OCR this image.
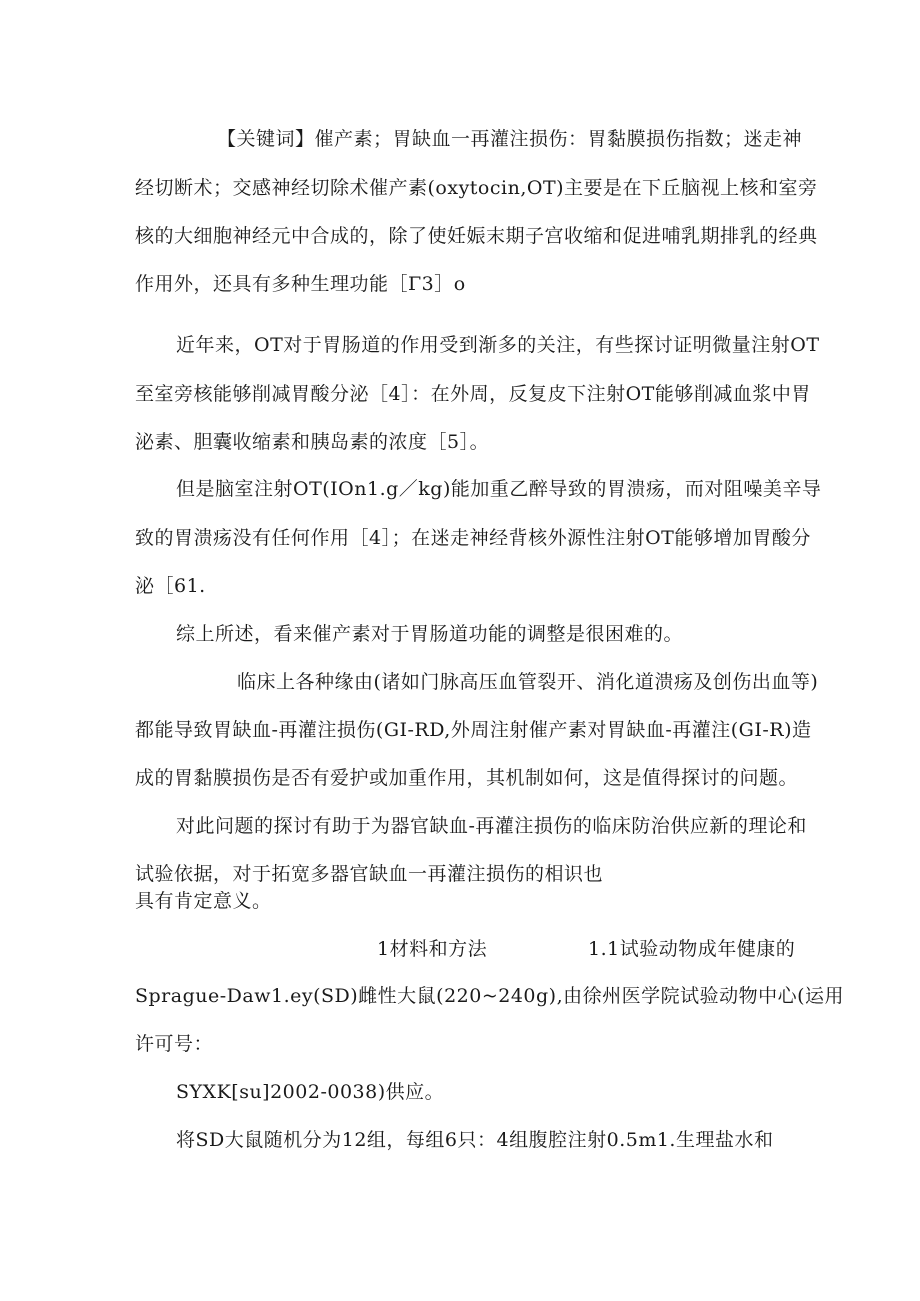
【关键词】催产素；胃缺血一再灌注损伤：胃黏膜损伤指数；迷走神
经切断术；交感神经切除术催产素(oxytocin,OT)主要是在下丘脑视上核和室旁
核的大细胞神经元中合成的，除了使妊娠末期子宫收缩和促进哺乳期排乳的经典
作用外，还具有多种生理功能［Γ3］o
近年来，OT对于胃肠道的作用受到渐多的关注，有些探讨证明微量注射OT
至室旁核能够削减胃酸分泌［4］：在外周，反复皮下注射OT能够削减血浆中胃
泌素、胆囊收缩素和胰岛素的浓度［5］。
但是脑室注射OT(IOn1.g／kg)能加重乙醉导致的胃溃疡，而对阻噪美辛导
致的胃溃疡没有任何作用［4］；在迷走神经背核外源性注射OT能够增加胃酸分
泌［61.
综上所述，看来催产素对于胃肠道功能的调整是很困难的。
临床上各种缘由(诸如门脉高压血管裂开、消化道溃疡及创伤出血等)
都能导致胃缺血-再灌注损伤(GI-RD,外周注射催产素对胃缺血-再灌注(GI-R)造
成的胃黏膜损伤是否有爱护或加重作用，其机制如何，这是值得探讨的问题。
对此问题的探讨有助于为器官缺血-再灌注损伤的临床防治供应新的理论和
试验依据，对于拓宽多器官缺血一再灌注损伤的相识也
具有肯定意义。
1材料和方法	1.1试验动物成年健康的
Sprague-Daw1.ey(SD)雌性大鼠(220~240g),由徐州医学院试验动物中心(运用
许可号：
SYXK[su]2002-0038)供应。
将SD大鼠随机分为12组，每组6只：4组腹腔注射0.5m1.生理盐水和
